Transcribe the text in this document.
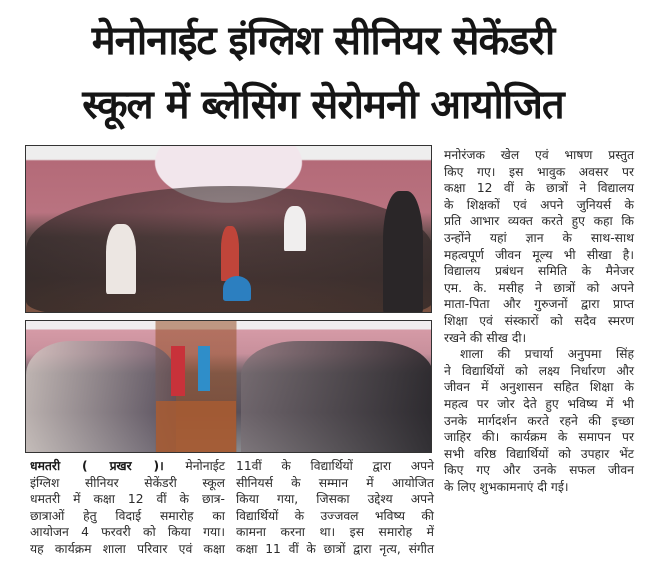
मेनोनाईट इंग्लिश सीनियर सेकेंडरी
स्कूल में ब्लेसिंग सेरोमनी आयोजित
धमतरी ( प्रखर )। मेनोनाईट
इंग्लिश सीनियर सेकेंडरी स्कूल
धमतरी में कक्षा 12 वीं के छात्र-
छात्राओं हेतु विदाई समारोह का
आयोजन 4 फरवरी को किया गया।
यह कार्यक्रम शाला परिवार एवं कक्षा
11वीं के विद्यार्थियों द्वारा अपने
सीनियर्स के सम्मान में आयोजित
किया गया, जिसका उद्देश्य अपने
विद्यार्थियों के उज्जवल भविष्य की
कामना करना था। इस समारोह में
कक्षा 11 वीं के छात्रों द्वारा नृत्य, संगीत
मनोरंजक खेल एवं भाषण प्रस्तुत
किए गए। इस भावुक अवसर पर
कक्षा 12 वीं के छात्रों ने विद्यालय
के शिक्षकों एवं अपने जुनियर्स के
प्रति आभार व्यक्त करते हुए कहा कि
उन्होंने यहां ज्ञान के साथ-साथ
महत्वपूर्ण जीवन मूल्य भी सीखा है।
विद्यालय प्रबंधन समिति के मैनेजर
एम. के. मसीह ने छात्रों को अपने
माता-पिता और गुरुजनों द्वारा प्राप्त
शिक्षा एवं संस्कारों को सदैव स्मरण
रखने की सीख दी।
शाला की प्रचार्या अनुपमा सिंह
ने विद्यार्थियों को लक्ष्य निर्धारण और
जीवन में अनुशासन सहित शिक्षा के
महत्व पर जोर देते हुए भविष्य में भी
उनके मार्गदर्शन करते रहने की इच्छा
जाहिर की। कार्यक्रम के समापन पर
सभी वरिष्ठ विद्यार्थियों को उपहार भेंट
किए गए और उनके सफल जीवन
के लिए शुभकामनाएं दी गई।
